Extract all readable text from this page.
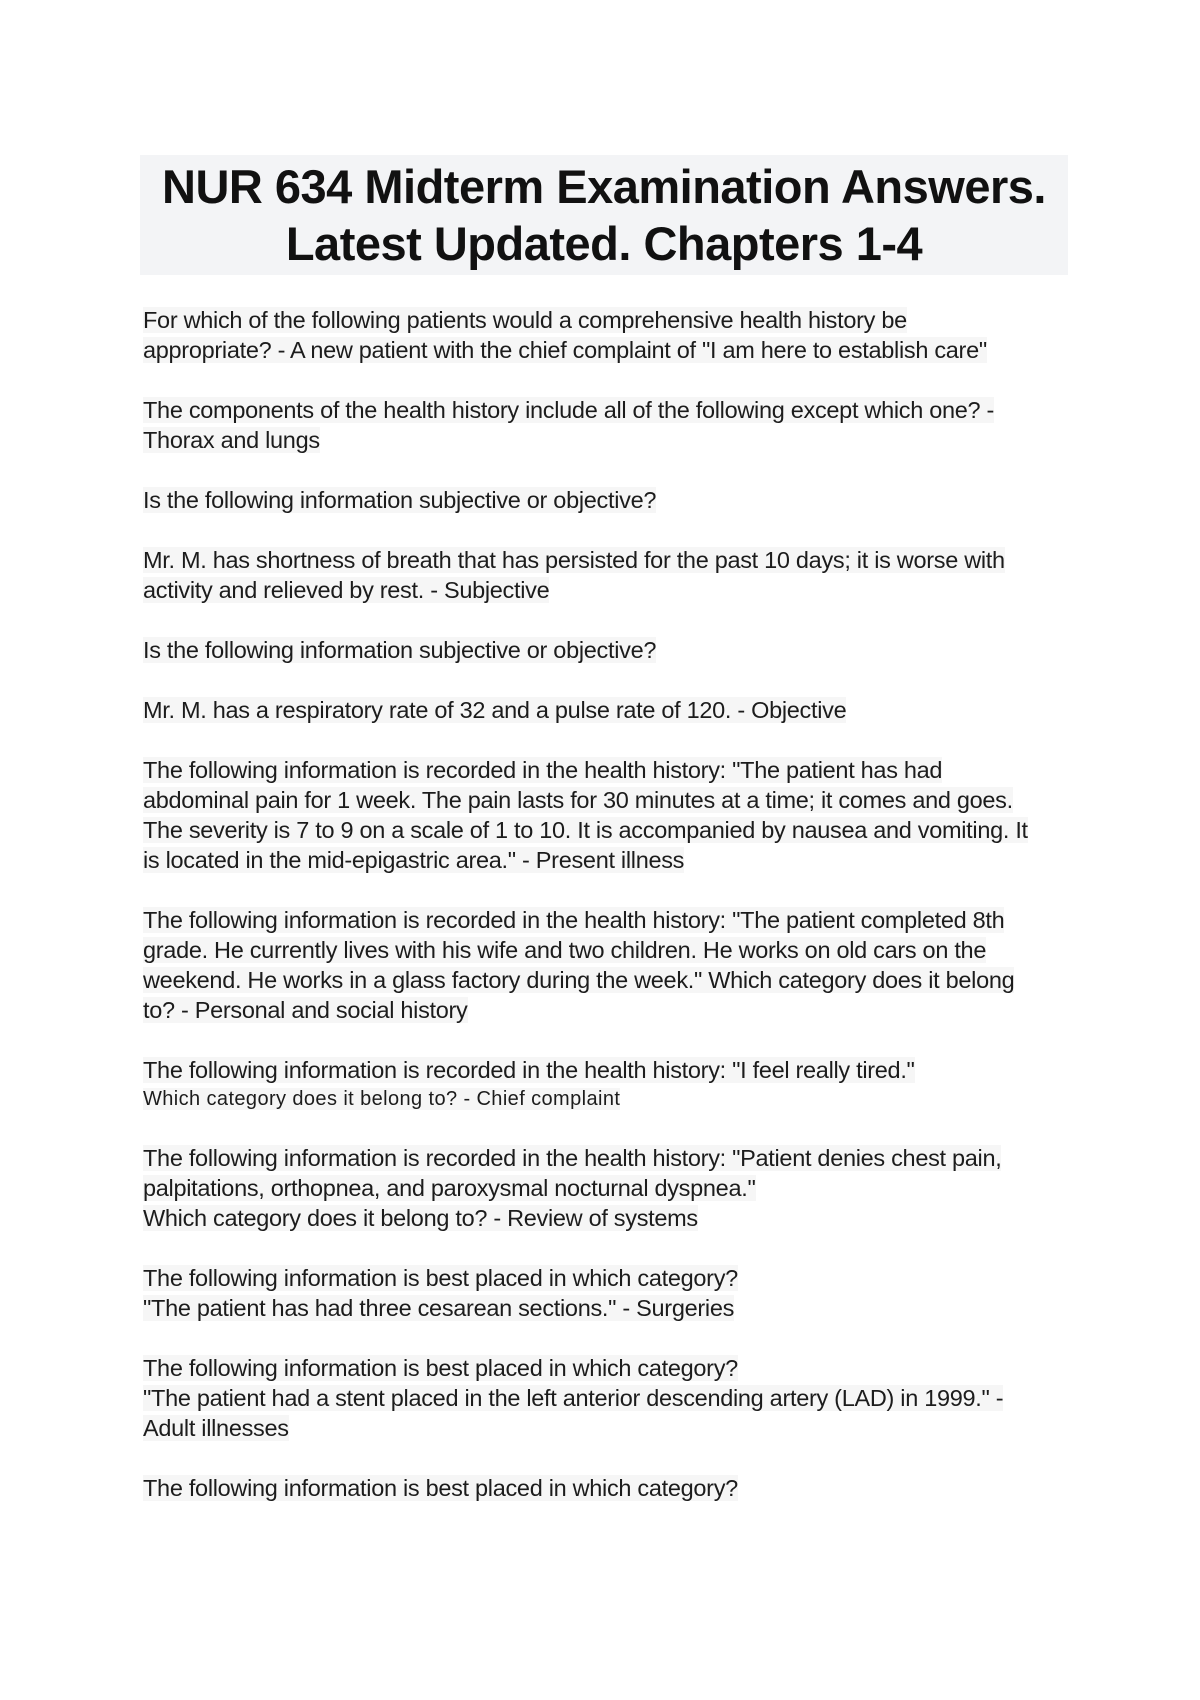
NUR 634 Midterm Examination Answers.
Latest Updated. Chapters 1-4

For which of the following patients would a comprehensive health history be

appropriate? - A new patient with the chief complaint of "I am here to establish care"

The components of the health history include all of the following except which one? -

Thorax and lungs

Is the following information subjective or objective?

Mr. M. has shortness of breath that has persisted for the past 10 days; it is worse with

activity and relieved by rest. - Subjective

Is the following information subjective or objective?

Mr. M. has a respiratory rate of 32 and a pulse rate of 120. - Objective

The following information is recorded in the health history: "The patient has had

abdominal pain for 1 week. The pain lasts for 30 minutes at a time; it comes and goes.

The severity is 7 to 9 on a scale of 1 to 10. It is accompanied by nausea and vomiting. It

is located in the mid-epigastric area." - Present illness

The following information is recorded in the health history: "The patient completed 8th

grade. He currently lives with his wife and two children. He works on old cars on the

weekend. He works in a glass factory during the week." Which category does it belong

to? - Personal and social history

The following information is recorded in the health history: "I feel really tired."

Which category does it belong to? - Chief complaint

The following information is recorded in the health history: "Patient denies chest pain,

palpitations, orthopnea, and paroxysmal nocturnal dyspnea."

Which category does it belong to? - Review of systems

The following information is best placed in which category?

"The patient has had three cesarean sections." - Surgeries

The following information is best placed in which category?

"The patient had a stent placed in the left anterior descending artery (LAD) in 1999." -

Adult illnesses

The following information is best placed in which category?
